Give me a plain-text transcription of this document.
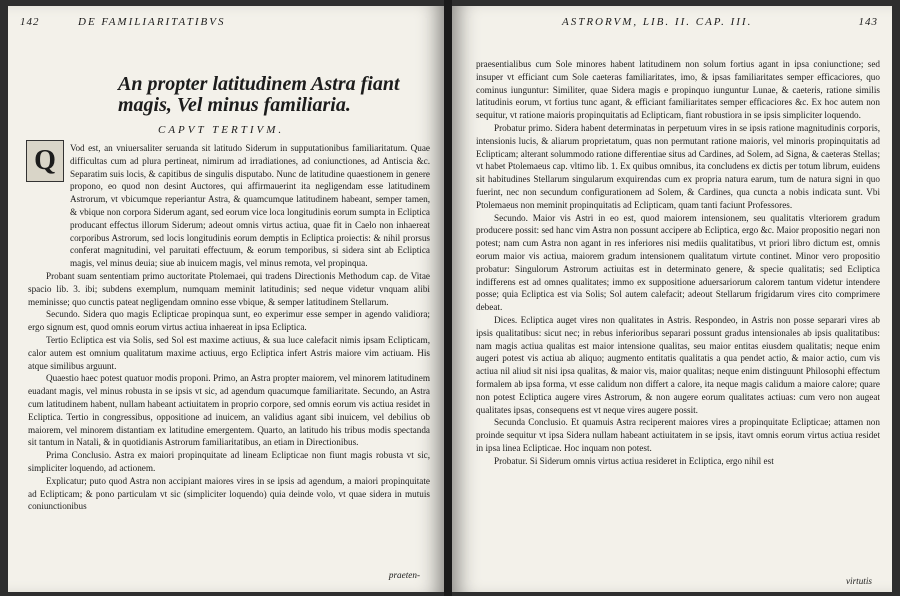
142	DE FAMILIARITATIBVS
An propter latitudinem Astra fiant magis, Vel minus familiaria.
CAPVT TERTIVM.
Q	Vod est, an vniuersaliter seruanda sit latitudo Siderum in supputationibus familiaritatum. Quae difficultas cum ad plura pertineat, nimirum ad irradiationes, ad coniunctiones, ad Antiscia &c. Separatim suis locis, & capitibus de singulis disputabo. Nunc de latitudine quaestionem in genere propono, eo quod non desint Auctores, qui affirmauerint ita negligendam esse latitudinem Astrorum, vt vbicumque reperiantur Astra, & quamcumque latitudinem habeant, semper tamen, & vbique non corpora Siderum agant, sed eorum vice loca longitudinis eorum sumpta in Ecliptica producant effectus illorum Siderum; adeout omnis virtus actiua, quae fit in Caelo non inhaereat corporibus Astrorum, sed locis longitudinis eorum demptis in Ecliptica proiectis: & nihil prorsus conferat magnitudini, vel paruitati effectuum, & eorum temporibus, si sidera sint ab Ecliptica magis, vel minus deuia; siue ab inuicem magis, vel minus remota, vel propinqua.

Probant suam sententiam primo auctoritate Ptolemaei, qui tradens Directionis Methodum cap. de Vitae spacio lib. 3. ibi; subdens exemplum, numquam meminit latitudinis; sed neque videtur vnquam alibi meminisse; quo cunctis pateat negligendam omnino esse vbique, & semper latitudinem Stellarum.

Secundo. Sidera quo magis Eclipticae propinqua sunt, eo experimur esse semper in agendo validiora; ergo signum est, quod omnis eorum virtus actiua inhaereat in ipsa Ecliptica.

Tertio Ecliptica est via Solis, sed Sol est maxime actiuus, & sua luce calefacit nimis ipsam Eclipticam, calor autem est omnium qualitatum maxime actiuus, ergo Ecliptica infert Astris maiore vim actiuam. His atque similibus arguunt.

Quaestio haec potest quatuor modis proponi. Primo, an Astra propter maiorem, vel minorem latitudinem euadant magis, vel minus robusta in se ipsis vt sic, ad agendum quacumque familiaritate. Secundo, an Astra cum latitudinem habent, nullam habeant actiuitatem in proprio corpore, sed omnis eorum vis actiua residet in Ecliptica. Tertio in congressibus, oppositione ad inuicem, an validius agant sibi inuicem, vel debilius ob maiorem, vel minorem distantiam ex latitudine emergentem. Quarto, an latitudo his tribus modis spectanda sit tantum in Natali, & in quotidianis Astrorum familiaritatibus, an etiam in Directionibus.

Prima Conclusio. Astra ex maiori propinquitate ad lineam Eclipticae non fiunt magis robusta vt sic, simpliciter loquendo, ad actionem.

Explicatur; puto quod Astra non accipiant maiores vires in se ipsis ad agendum, a maiori propinquitate ad Eclipticam; & pono particulam vt sic (simpliciter loquendo) quia deinde volo, vt quae sidera in mutuis coniunctionibus

praeten-
ASTRORVM, LIB. II. CAP. III.	143

praesentialibus cum Sole minores habent latitudinem non solum fortius agant in ipsa coniunctione; sed insuper vt efficiant cum Sole caeteras familiaritates, imo, & ipsas familiaritates semper efficaciores, quo cominus iunguntur: Similiter, quae Sidera magis e propinquo iunguntur Lunae, & caeteris, ratione similis latitudinis eorum, vt fortius tunc agant, & efficiant familiaritates semper efficaciores &c. Ex hoc autem non sequitur, vt ratione maioris propinquitatis ad Eclipticam, fiant robustiora in se ipsis simpliciter loquendo.

Probatur primo. Sidera habent determinatas in perpetuum vires in se ipsis ratione magnitudinis corporis, intensionis lucis, & aliarum proprietatum, quas non permutant ratione maioris, vel minoris propinquitatis ad Eclipticam; alterant solummodo ratione differentiae situs ad Cardines, ad Solem, ad Signa, & caeteras Stellas; vt habet Ptolemaeus cap. vltimo lib. 1. Ex quibus omnibus, ita concludens ex dictis per totum librum, euidens sit habitudines Stellarum singularum exquirendas cum ex propria natura earum, tum de natura signi in quo fuerint, nec non secundum configurationem ad Solem, & Cardines, qua cuncta a nobis indicata sunt. Vbi Ptolemaeus non meminit propinquitatis ad Eclipticam, quam tanti faciunt Professores.

Secundo. Maior vis Astri in eo est, quod maiorem intensionem, seu qualitatis vlteriorem gradum producere possit: sed hanc vim Astra non possunt accipere ab Ecliptica, ergo &c. Maior propositio negari non potest; nam cum Astra non agant in res inferiores nisi mediis qualitatibus, vt priori libro dictum est, omnis eorum maior vis actiua, maiorem gradum intensionem qualitatum virtute continet. Minor vero propositio probatur: Singulorum Astrorum actiuitas est in determinato genere, & specie qualitatis; sed Ecliptica indifferens est ad omnes qualitates; immo ex suppositione aduersariorum calorem tantum videtur intendere posse; quia Ecliptica est via Solis; Sol autem calefacit; adeout Stellarum frigidarum vires cito comprimere debeat.

Dices. Ecliptica auget vires non qualitates in Astris. Respondeo, in Astris non posse separari vires ab ipsis qualitatibus: sicut nec; in rebus inferioribus separari possunt gradus intensionales ab ipsis qualitatibus: nam magis actiua qualitas est maior intensione qualitas, seu maior entitas eiusdem qualitatis; neque enim augeri potest vis actiua ab aliquo; augmento entitatis qualitatis a qua pendet actio, & maior actio, cum vis actiua nil aliud sit nisi ipsa qualitas, & maior vis, maior qualitas; neque enim distinguunt Philosophi effectum formalem ab ipsa forma, vt esse calidum non differt a calore, ita neque magis calidum a maiore calore; quare non potest Ecliptica augere vires Astrorum, & non augere eorum qualitates actiuas: cum vero non augeat qualitates ipsas, consequens est vt neque vires augere possit.

Secunda Conclusio. Et quamuis Astra reciperent maiores vires a propinquitate Eclipticae; attamen non proinde sequitur vt ipsa Sidera nullam habeant actiuitatem in se ipsis, itavt omnis eorum virtus actiua residet in ipsa linea Eclipticae. Hoc inquam non potest.

Probatur. Si Siderum omnis virtus actiua resideret in Ecliptica, ergo nihil est

virtutis
